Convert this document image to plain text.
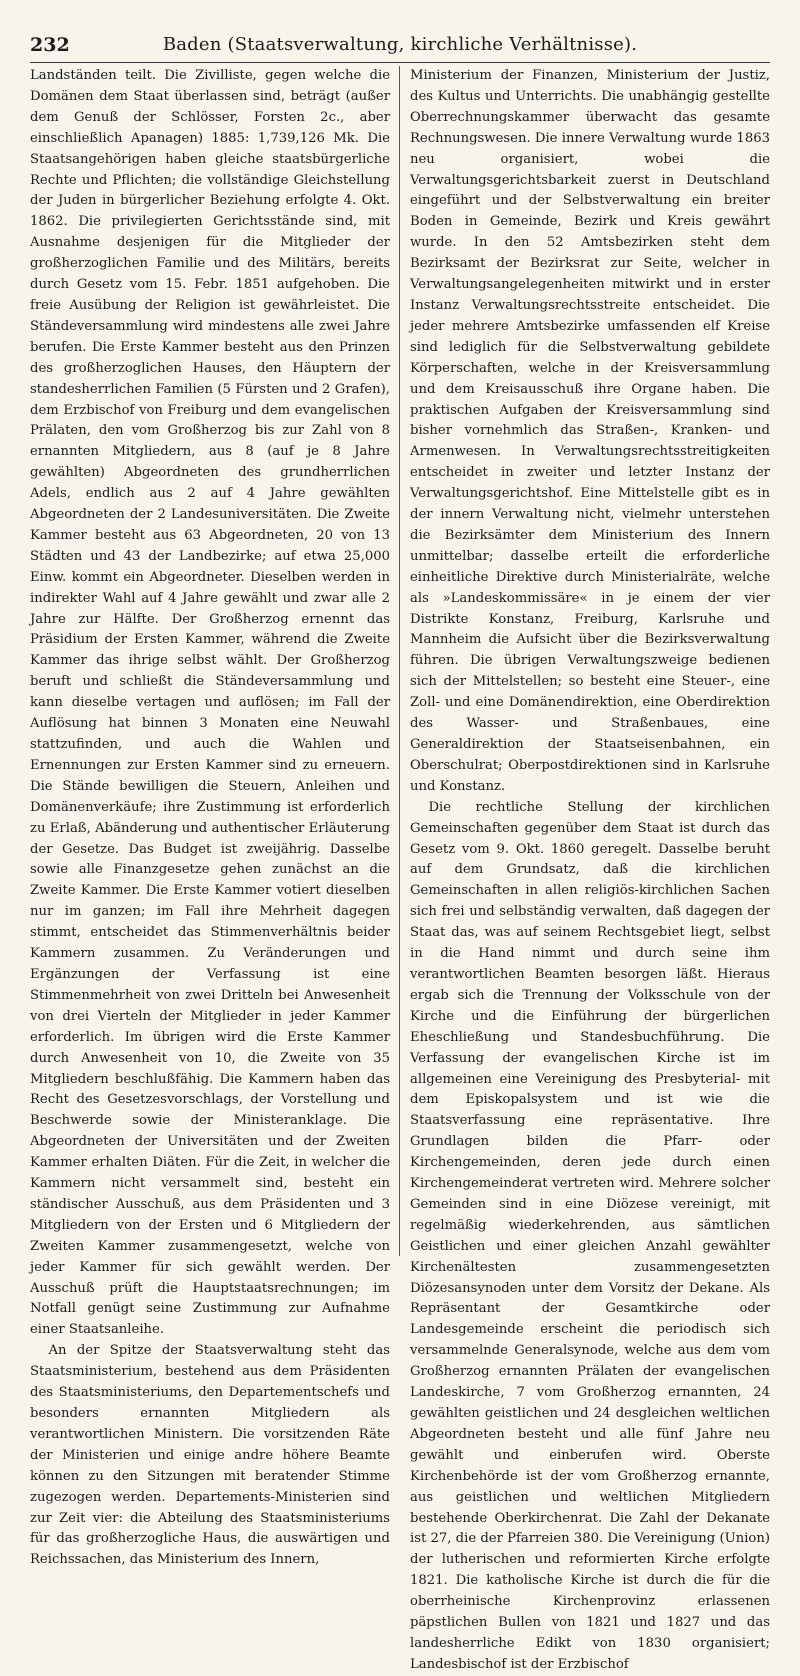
232	Baden (Staatsverwaltung, kirchliche Verhältnisse).

Landständen teilt. Die Zivilliste, gegen welche die Domänen dem Staat überlassen sind, beträgt (außer dem Genuß der Schlösser, Forsten 2c., aber einschließlich Apanagen) 1885: 1,739,126 Mk. Die Staatsangehörigen haben gleiche staatsbürgerliche Rechte und Pflichten; die vollständige Gleichstellung der Juden in bürgerlicher Beziehung erfolgte 4. Okt. 1862. Die privilegierten Gerichtsstände sind, mit Ausnahme desjenigen für die Mitglieder der großherzoglichen Familie und des Militärs, bereits durch Gesetz vom 15. Febr. 1851 aufgehoben. Die freie Ausübung der Religion ist gewährleistet. Die Ständeversammlung wird mindestens alle zwei Jahre berufen. Die Erste Kammer besteht aus den Prinzen des großherzoglichen Hauses, den Häuptern der standesherrlichen Familien (5 Fürsten und 2 Grafen), dem Erzbischof von Freiburg und dem evangelischen Prälaten, den vom Großherzog bis zur Zahl von 8 ernannten Mitgliedern, aus 8 (auf je 8 Jahre gewählten) Abgeordneten des grundherrlichen Adels, endlich aus 2 auf 4 Jahre gewählten Abgeordneten der 2 Landesuniversitäten. Die Zweite Kammer besteht aus 63 Abgeordneten, 20 von 13 Städten und 43 der Landbezirke; auf etwa 25,000 Einw. kommt ein Abgeordneter. Dieselben werden in indirekter Wahl auf 4 Jahre gewählt und zwar alle 2 Jahre zur Hälfte. Der Großherzog ernennt das Präsidium der Ersten Kammer, während die Zweite Kammer das ihrige selbst wählt. Der Großherzog beruft und schließt die Ständeversammlung und kann dieselbe vertagen und auflösen; im Fall der Auflösung hat binnen 3 Monaten eine Neuwahl stattzufinden, und auch die Wahlen und Ernennungen zur Ersten Kammer sind zu erneuern. Die Stände bewilligen die Steuern, Anleihen und Domänenverkäufe; ihre Zustimmung ist erforderlich zu Erlaß, Abänderung und authentischer Erläuterung der Gesetze. Das Budget ist zweijährig. Dasselbe sowie alle Finanzgesetze gehen zunächst an die Zweite Kammer. Die Erste Kammer votiert dieselben nur im ganzen; im Fall ihre Mehrheit dagegen stimmt, entscheidet das Stimmenverhältnis beider Kammern zusammen. Zu Veränderungen und Ergänzungen der Verfassung ist eine Stimmenmehrheit von zwei Dritteln bei Anwesenheit von drei Vierteln der Mitglieder in jeder Kammer erforderlich. Im übrigen wird die Erste Kammer durch Anwesenheit von 10, die Zweite von 35 Mitgliedern beschlußfähig. Die Kammern haben das Recht des Gesetzesvorschlags, der Vorstellung und Beschwerde sowie der Ministeranklage. Die Abgeordneten der Universitäten und der Zweiten Kammer erhalten Diäten. Für die Zeit, in welcher die Kammern nicht versammelt sind, besteht ein ständischer Ausschuß, aus dem Präsidenten und 3 Mitgliedern von der Ersten und 6 Mitgliedern der Zweiten Kammer zusammengesetzt, welche von jeder Kammer für sich gewählt werden. Der Ausschuß prüft die Hauptstaatsrechnungen; im Notfall genügt seine Zustimmung zur Aufnahme einer Staatsanleihe.

An der Spitze der Staatsverwaltung steht das Staatsministerium, bestehend aus dem Präsidenten des Staatsministeriums, den Departementschefs und besonders ernannten Mitgliedern als verantwortlichen Ministern. Die vorsitzenden Räte der Ministerien und einige andre höhere Beamte können zu den Sitzungen mit beratender Stimme zugezogen werden. Departements-Ministerien sind zur Zeit vier: die Abteilung des Staatsministeriums für das großherzogliche Haus, die auswärtigen und Reichssachen, das Ministerium des Innern,

Ministerium der Finanzen, Ministerium der Justiz, des Kultus und Unterrichts. Die unabhängig gestellte Oberrechnungskammer überwacht das gesamte Rechnungswesen. Die innere Verwaltung wurde 1863 neu organisiert, wobei die Verwaltungsgerichtsbarkeit zuerst in Deutschland eingeführt und der Selbstverwaltung ein breiter Boden in Gemeinde, Bezirk und Kreis gewährt wurde. In den 52 Amtsbezirken steht dem Bezirksamt der Bezirksrat zur Seite, welcher in Verwaltungsangelegenheiten mitwirkt und in erster Instanz Verwaltungsrechtsstreite entscheidet. Die jeder mehrere Amtsbezirke umfassenden elf Kreise sind lediglich für die Selbstverwaltung gebildete Körperschaften, welche in der Kreisversammlung und dem Kreisausschuß ihre Organe haben. Die praktischen Aufgaben der Kreisversammlung sind bisher vornehmlich das Straßen-, Kranken- und Armenwesen. In Verwaltungsrechtsstreitigkeiten entscheidet in zweiter und letzter Instanz der Verwaltungsgerichtshof. Eine Mittelstelle gibt es in der innern Verwaltung nicht, vielmehr unterstehen die Bezirksämter dem Ministerium des Innern unmittelbar; dasselbe erteilt die erforderliche einheitliche Direktive durch Ministerialräte, welche als »Landeskommissäre« in je einem der vier Distrikte Konstanz, Freiburg, Karlsruhe und Mannheim die Aufsicht über die Bezirksverwaltung führen. Die übrigen Verwaltungszweige bedienen sich der Mittelstellen; so besteht eine Steuer-, eine Zoll- und eine Domänendirektion, eine Oberdirektion des Wasser- und Straßenbaues, eine Generaldirektion der Staatseisenbahnen, ein Oberschulrat; Oberpostdirektionen sind in Karlsruhe und Konstanz.

Die rechtliche Stellung der kirchlichen Gemeinschaften gegenüber dem Staat ist durch das Gesetz vom 9. Okt. 1860 geregelt. Dasselbe beruht auf dem Grundsatz, daß die kirchlichen Gemeinschaften in allen religiös-kirchlichen Sachen sich frei und selbständig verwalten, daß dagegen der Staat das, was auf seinem Rechtsgebiet liegt, selbst in die Hand nimmt und durch seine ihm verantwortlichen Beamten besorgen läßt. Hieraus ergab sich die Trennung der Volksschule von der Kirche und die Einführung der bürgerlichen Eheschließung und Standesbuchführung. Die Verfassung der evangelischen Kirche ist im allgemeinen eine Vereinigung des Presbyterial- mit dem Episkopalsystem und ist wie die Staatsverfassung eine repräsentative. Ihre Grundlagen bilden die Pfarr- oder Kirchengemeinden, deren jede durch einen Kirchengemeinderat vertreten wird. Mehrere solcher Gemeinden sind in eine Diözese vereinigt, mit regelmäßig wiederkehrenden, aus sämtlichen Geistlichen und einer gleichen Anzahl gewählter Kirchenältesten zusammengesetzten Diözesansynoden unter dem Vorsitz der Dekane. Als Repräsentant der Gesamtkirche oder Landesgemeinde erscheint die periodisch sich versammelnde Generalsynode, welche aus dem vom Großherzog ernannten Prälaten der evangelischen Landeskirche, 7 vom Großherzog ernannten, 24 gewählten geistlichen und 24 desgleichen weltlichen Abgeordneten besteht und alle fünf Jahre neu gewählt und einberufen wird. Oberste Kirchenbehörde ist der vom Großherzog ernannte, aus geistlichen und weltlichen Mitgliedern bestehende Oberkirchenrat. Die Zahl der Dekanate ist 27, die der Pfarreien 380. Die Vereinigung (Union) der lutherischen und reformierten Kirche erfolgte 1821. Die katholische Kirche ist durch die für die oberrheinische Kirchenprovinz erlassenen päpstlichen Bullen von 1821 und 1827 und das landesherrliche Edikt von 1830 organisiert; Landesbischof ist der Erzbischof
